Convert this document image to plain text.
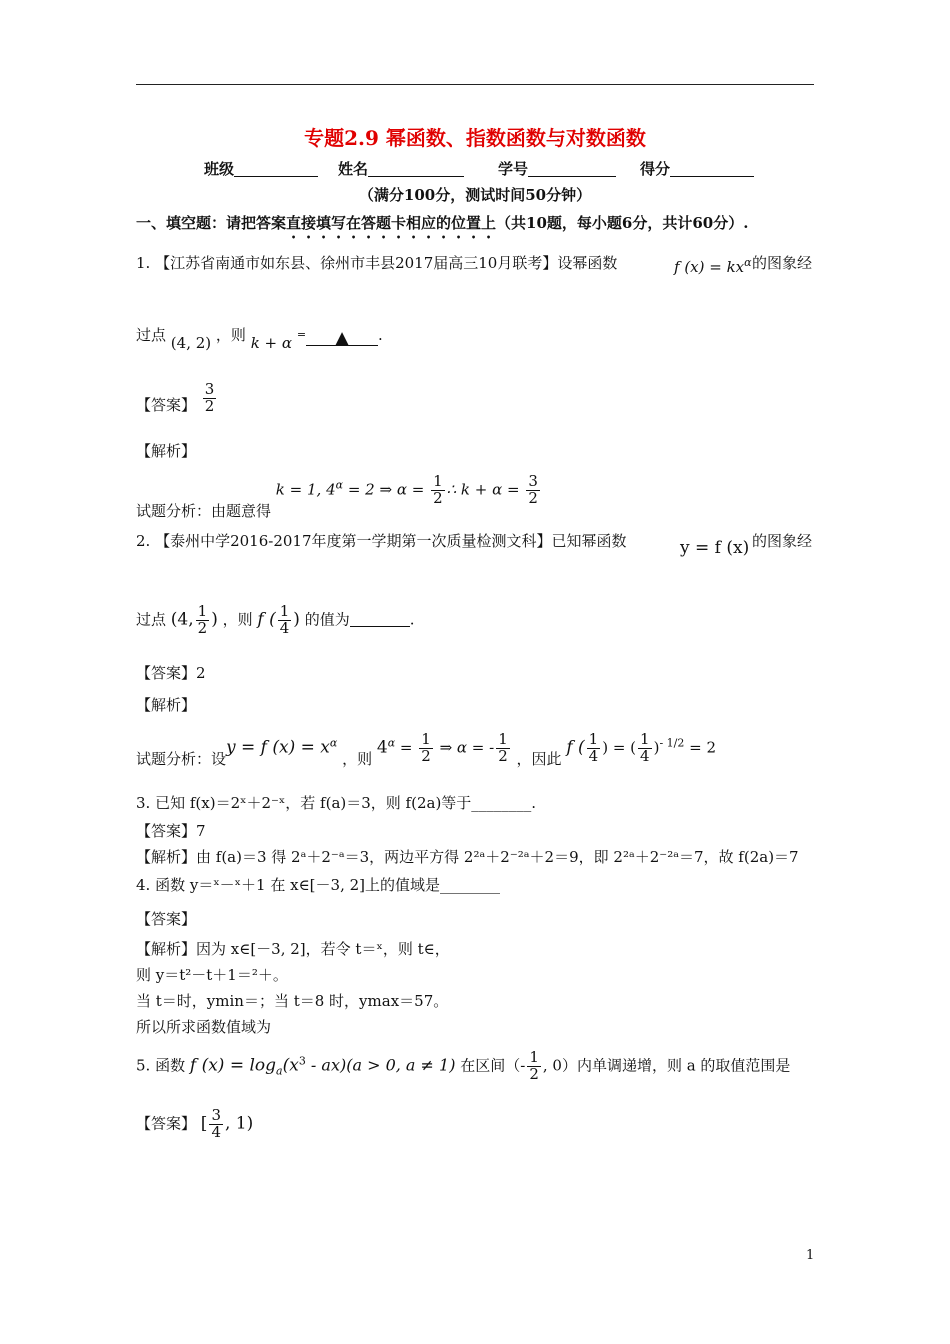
专题2.9 幂函数、指数函数与对数函数
班级	姓名	学号	得分
（满分100分，测试时间50分钟）
一、填空题：请把答案直接填写在答题卡相应的位置上（共10题，每小题6分，共计60分）.
1. 【江苏省南通市如东县、徐州市丰县2017届高三10月联考】设幂函数	f $(x) = kx^\alpha$ 的图象经
过点 (4, 2) ，则 k + α = ▲ .
【答案】 $\frac{3}{2}$
【解析】
试题分析：由题意得 k = 1, $4^\alpha = 2$ ⇒ $\alpha = \frac{1}{2}$ ∴ $k + \alpha = \frac{3}{2}$
2. 【泰州中学2016-2017年度第一学期第一次质量检测文科】已知幂函数	y = f (x) 的图象经
过点 (4, $\frac{1}{2}$ ) ，则 f ( $\frac{1}{4}$ ) 的值为	.
【答案】2
【解析】
试题分析：设y = f $(x) = x^\alpha$ ，则 $4^\alpha = \frac{1}{2}$ ⇒ α = - $\frac{1}{2}$ ，因此 f ( $\frac{1}{4}$ ) = ( $\frac{1}{4} )^{- 1/2} = 2$
3. 已知 f(x)＝2ˣ＋2⁻ˣ，若 f(a)＝3，则 f(2a)等于________.
【答案】7
【解析】由 f(a)＝3 得 2ᵃ＋2⁻ᵃ＝3，两边平方得 2²ᵃ＋2⁻²ᵃ＋2＝9，即 2²ᵃ＋2⁻²ᵃ＝7，故 f(2a)＝7
4. 函数 y＝ˣ－ˣ＋1 在 x∈[－3, 2]上的值域是________
【答案】
【解析】因为 x∈[－3, 2]，若令 t＝ˣ，则 t∈，
则 y＝t²－t＋1＝²＋。
当 t＝时，ymin＝；当 t＝8 时，ymax＝57。
所以所求函数值域为
5. 函数 f $(x) = \log_a(x^3 - ax)(a > 0$, a ≠ 1) 在区间（- $\frac{1}{2}$ , 0）内单调递增，则 a 的取值范围是
【答案】 [ $\frac{3}{4}$ , 1)
1
